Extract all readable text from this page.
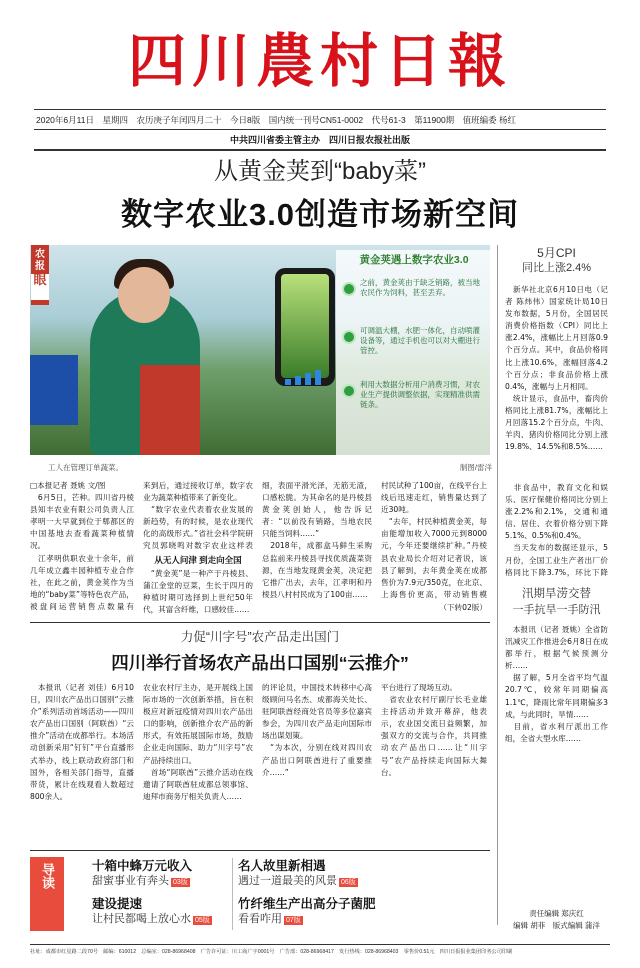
四川農村日報
2020年6月11日　星期四　农历庚子年闰四月二十　今日8版　国内统一刊号CN51-0002　代号61-3　第11900期　值班编委 杨红
中共四川省委主管主办　四川日报农报社出版
从黄金荚到“baby菜”
数字农业3.0创造市场新空间
农报
眼
黄金荚遇上数字农业3.0
之前，黄金荚由于缺乏销路，被当地农民作为饲料，甚至丢弃。
可调温大棚，水肥一体化，自动喷灌设备等，通过手机也可以对大棚进行管控。
利用大数据分析用户消费习惯，对农业生产提供调整依据，实现精准供需链条。
工人在管理订单蔬菜。	制图/雷洋
□本报记者 聂姚 文/图
　6月5日，芒种。四川省丹棱县知丰农业有限公司负责人江孝明一大早就到位于郫都区的中国基地去查看蔬菜种植情况。
　江孝明供职农业十余年，前几年成立鑫丰园种植专业合作社，在此之前，黄金荚作为当地的“baby菜”等特色农产品，被盘间运营销售点数量有
来到后，通过接收订单，数字农业为蔬菜种植带来了新变化。
　“数字农业代表着农业发展的新趋势，有的时候，是农业现代化的高级形式。”省社会科学院研究员郭晓鸣对数字农业这样表

从无人问津 到走向全国
　“黄金荚”是一种产于丹棱县、蒲江金堂的豆菜，生长于四月的种植时期可选择到上世纪50年代，其富含纤维，口感较佳……
细，表面平滑光泽，无筋无渣，口感松脆。为其命名的是丹棱县黄金荚创始人，他告诉记者：“以前没有销路，当地农民只能当饲料……”
　2018年，成都盒马鲜生采购总监前来丹棱县寻找优质蔬菜资源，在当地发现黄金荚，决定把它推广出去，去年，江孝明和丹棱县八村村民成为了100亩……
村民试种了100亩，在线平台上线后迅速走红，销售量达到了近30吨。
　“去年，村民种植黄金荚，每亩能增加收入7000元到8000元，今年还要继续扩种。”丹棱县农业局长介绍对记者说，该县了解到，去年黄金荚在成都售价为7.9元/350克，在北京、上海售价更高，带动销售模
（下转02版）
5月CPI
同比上涨2.4%
　新华社北京6月10日电（记者 陈炜伟）国家统计局10日发布数据，5月份，全国居民消费价格指数（CPI）同比上涨2.4%，涨幅比上月回落0.9个百分点。其中，食品价格同比上涨10.6%，涨幅回落4.2个百分点；非食品价格上涨0.4%，涨幅与上月相同。
　统计显示，食品中，畜肉价格同比上涨81.7%，涨幅比上月回落15.2个百分点，牛肉、羊肉、猪肉价格同比分别上涨19.8%、14.5%和8.5%……
　非食品中，教育文化和娱乐、医疗保健价格同比分别上涨2.2%和2.1%，交通和通信、居住、衣着价格分别下降5.1%、0.5%和0.4%。
　当天发布的数据还显示，5月份，全国工业生产者出厂价格同比下降3.7%，环比下降
汛期旱涝交替
一手抗旱一手防汛
　本报讯（记者 聂姚）全省防汛减灾工作推进会6月8日在成都举行，根据气候预测分析……
　据了解，5月全省平均气温20.7℃，较常年同期偏高1.1℃，降雨比常年同期偏多3成，与此同时，旱情……
　目前，省水利厅派出工作组，全省大型水库……
责任编辑 郑庆红
编辑 胡菲　版式编辑 蒲洋
力促“川字号”农产品走出国门
四川举行首场农产品出口国别“云推介”
　本报讯（记者 刘佳）6月10日，四川农产品出口国别“云推介”系列活动首场活动——四川农产品出口国别（阿联酋）“云推介”活动在成都举行。本场活动创新采用“钉钉”平台直播形式举办，线上联动政府部门和国外，各相关部门指导，直播带货，累计在线观看人数超过800余人。
农业农村厅主办，是开展线上国际市场的一次创新举措，旨在积极应对新冠疫情对四川农产品出口的影响，创新推介农产品的新形式，有效拓展国际市场，鼓励企业走向国际、助力“川字号”农产品持续出口。
　首场“阿联酋”云推介活动在线邀请了阿联酋驻成都总领事馆、迪拜市商务厅相关负责人……
的评论员，中国技术转移中心高级顾问马名杰、成都海关处长、驻阿联酋经商处官员等多位嘉宾参会，为四川农产品走向国际市场出谋划策。
　“为本次，分别在线对四川农产品出口阿联酋进行了重要推介……”
平台进行了现场互动。
　省农业农村厅副厅长毛业雄主持活动并致开幕辞，他表示，农业国交流日益频繁，加强双方的交流与合作，共同推动农产品出口……让“川字号”农产品持续走向国际大舞台。
导读	十箱中蜂万元收入
甜蜜事业有奔头 03版
建设提速
让村民都喝上放心水 05版
名人故里新相遇
遇过一道最美的风景 06版
竹纤维生产出高分子菌肥
看看咋用 07版
社址：成都市红星路二段70号　邮编：610012　总编室：028-86968408　广告许可证：川工商广字0001号　广告部：028-86968417　发行热线：028-86968403　零售价0.51元　四川日报报业集团印务公司印刷
